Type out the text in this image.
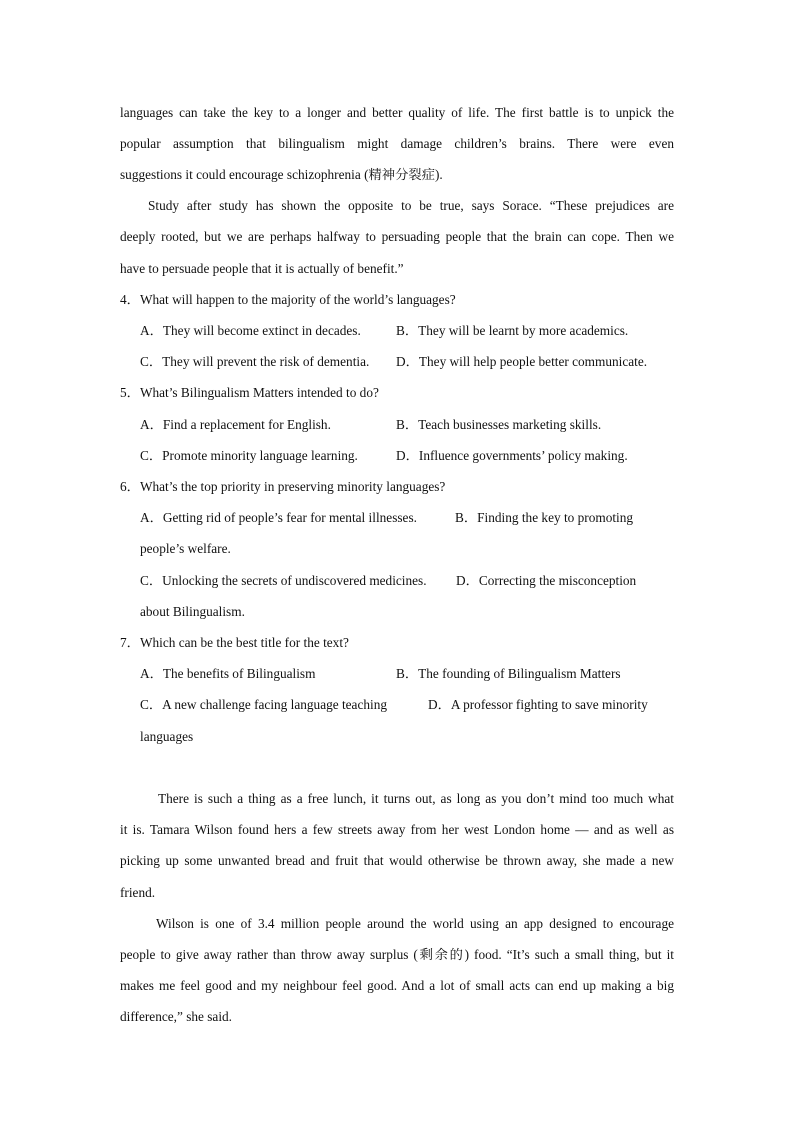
languages can take the key to a longer and better quality of life. The first battle is to unpick the
popular assumption that bilingualism might damage children’s brains. There were even
suggestions it could encourage schizophrenia (精神分裂症).
Study after study has shown the opposite to be true, says Sorace. “These prejudices are
deeply rooted, but we are perhaps halfway to persuading people that the brain can cope. Then we
have to persuade people that it is actually of benefit.”
4．What will happen to the majority of the world’s languages?
A．They will become extinct in decades.	B．They will be learnt by more academics.
C．They will prevent the risk of dementia. D．They will help people better communicate.
5．What’s Bilingualism Matters intended to do?
A．Find a replacement for English.	B．Teach businesses marketing skills.
C．Promote minority language learning.	D．Influence governments’ policy making.
6．What’s the top priority in preserving minority languages?
A．Getting rid of people’s fear for mental illnesses.	B．Finding the key to promoting
people’s welfare.
C．Unlocking the secrets of undiscovered medicines. D．Correcting the misconception
about Bilingualism.
7．Which can be the best title for the text?
A．The benefits of Bilingualism	B．The founding of Bilingualism Matters
C．A new challenge facing language teaching	D．A professor fighting to save minority
languages
There is such a thing as a free lunch, it turns out, as long as you don’t mind too much what
it is. Tamara Wilson found hers a few streets away from her west London home — and as well as
picking up some unwanted bread and fruit that would otherwise be thrown away, she made a new
friend.
Wilson is one of 3.4 million people around the world using an app designed to encourage
people to give away rather than throw away surplus (剩余的) food. “It’s such a small thing, but it
makes me feel good and my neighbour feel good. And a lot of small acts can end up making a big
difference,” she said.
